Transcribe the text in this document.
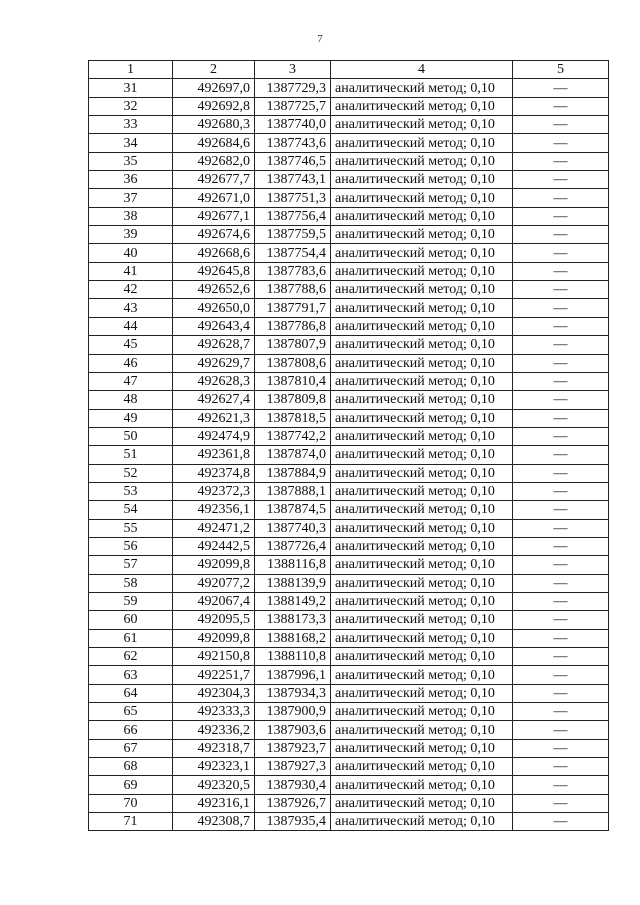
7
1	2	3	4	5
31	492697,0	1387729,3	аналитический метод; 0,10	—
32	492692,8	1387725,7	аналитический метод; 0,10	—
33	492680,3	1387740,0	аналитический метод; 0,10	—
34	492684,6	1387743,6	аналитический метод; 0,10	—
35	492682,0	1387746,5	аналитический метод; 0,10	—
36	492677,7	1387743,1	аналитический метод; 0,10	—
37	492671,0	1387751,3	аналитический метод; 0,10	—
38	492677,1	1387756,4	аналитический метод; 0,10	—
39	492674,6	1387759,5	аналитический метод; 0,10	—
40	492668,6	1387754,4	аналитический метод; 0,10	—
41	492645,8	1387783,6	аналитический метод; 0,10	—
42	492652,6	1387788,6	аналитический метод; 0,10	—
43	492650,0	1387791,7	аналитический метод; 0,10	—
44	492643,4	1387786,8	аналитический метод; 0,10	—
45	492628,7	1387807,9	аналитический метод; 0,10	—
46	492629,7	1387808,6	аналитический метод; 0,10	—
47	492628,3	1387810,4	аналитический метод; 0,10	—
48	492627,4	1387809,8	аналитический метод; 0,10	—
49	492621,3	1387818,5	аналитический метод; 0,10	—
50	492474,9	1387742,2	аналитический метод; 0,10	—
51	492361,8	1387874,0	аналитический метод; 0,10	—
52	492374,8	1387884,9	аналитический метод; 0,10	—
53	492372,3	1387888,1	аналитический метод; 0,10	—
54	492356,1	1387874,5	аналитический метод; 0,10	—
55	492471,2	1387740,3	аналитический метод; 0,10	—
56	492442,5	1387726,4	аналитический метод; 0,10	—
57	492099,8	1388116,8	аналитический метод; 0,10	—
58	492077,2	1388139,9	аналитический метод; 0,10	—
59	492067,4	1388149,2	аналитический метод; 0,10	—
60	492095,5	1388173,3	аналитический метод; 0,10	—
61	492099,8	1388168,2	аналитический метод; 0,10	—
62	492150,8	1388110,8	аналитический метод; 0,10	—
63	492251,7	1387996,1	аналитический метод; 0,10	—
64	492304,3	1387934,3	аналитический метод; 0,10	—
65	492333,3	1387900,9	аналитический метод; 0,10	—
66	492336,2	1387903,6	аналитический метод; 0,10	—
67	492318,7	1387923,7	аналитический метод; 0,10	—
68	492323,1	1387927,3	аналитический метод; 0,10	—
69	492320,5	1387930,4	аналитический метод; 0,10	—
70	492316,1	1387926,7	аналитический метод; 0,10	—
71	492308,7	1387935,4	аналитический метод; 0,10	—
